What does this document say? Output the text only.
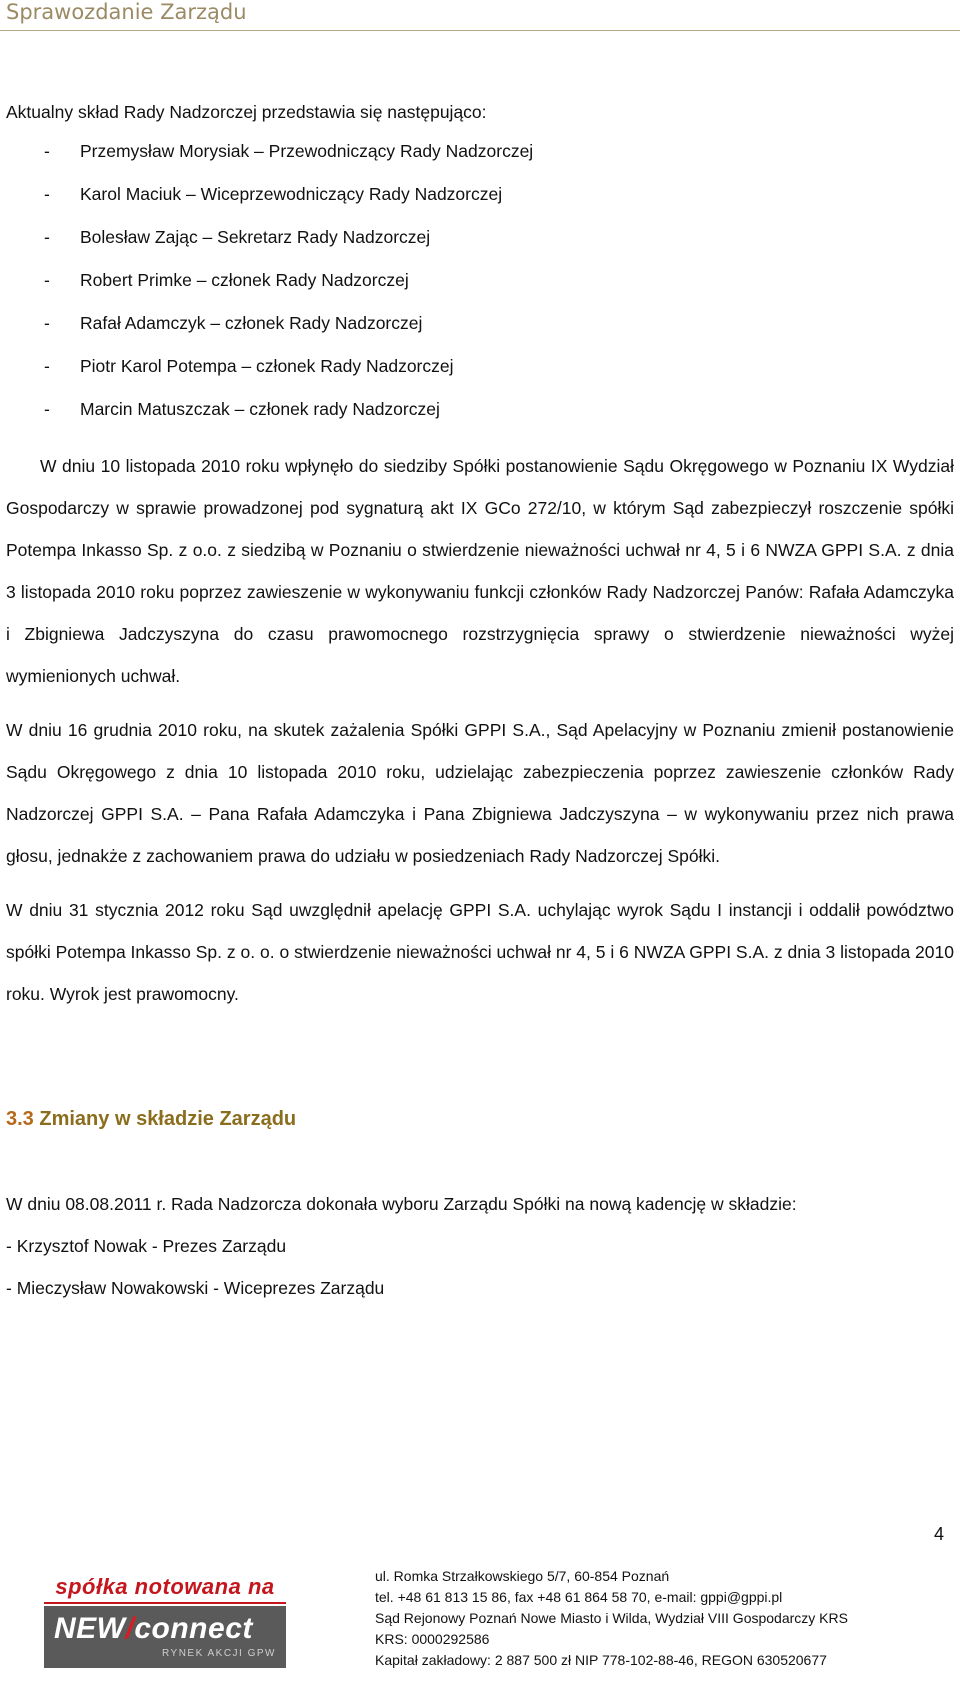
Sprawozdanie Zarządu

Aktualny skład Rady Nadzorczej przedstawia się następująco:

- Przemysław Morysiak – Przewodniczący Rady Nadzorczej
- Karol Maciuk – Wiceprzewodniczący Rady Nadzorczej
- Bolesław Zając – Sekretarz Rady Nadzorczej
- Robert Primke – członek Rady Nadzorczej
- Rafał Adamczyk – członek Rady Nadzorczej
- Piotr Karol Potempa – członek Rady Nadzorczej
- Marcin Matuszczak – członek rady Nadzorczej

W dniu 10 listopada 2010 roku wpłynęło do siedziby Spółki postanowienie Sądu Okręgowego w Poznaniu IX Wydział Gospodarczy w sprawie prowadzonej pod sygnaturą akt IX GCo 272/10, w którym Sąd zabezpieczył roszczenie spółki Potempa Inkasso Sp. z o.o. z siedzibą w Poznaniu o stwierdzenie nieważności uchwał nr 4, 5 i 6 NWZA GPPI S.A. z dnia 3 listopada 2010 roku poprzez zawieszenie w wykonywaniu funkcji członków Rady Nadzorczej Panów: Rafała Adamczyka i Zbigniewa Jadczyszyna do czasu prawomocnego rozstrzygnięcia sprawy o stwierdzenie nieważności wyżej wymienionych uchwał.

W dniu 16 grudnia 2010 roku, na skutek zażalenia Spółki GPPI S.A., Sąd Apelacyjny w Poznaniu zmienił postanowienie Sądu Okręgowego z dnia 10 listopada 2010 roku, udzielając zabezpieczenia poprzez zawieszenie członków Rady Nadzorczej GPPI S.A. – Pana Rafała Adamczyka i Pana Zbigniewa Jadczyszyna – w wykonywaniu przez nich prawa głosu, jednakże z zachowaniem prawa do udziału w posiedzeniach Rady Nadzorczej Spółki.

W dniu 31 stycznia 2012 roku Sąd uwzględnił apelację GPPI S.A. uchylając wyrok Sądu I instancji i oddalił powództwo spółki Potempa Inkasso Sp. z o. o. o stwierdzenie nieważności uchwał nr 4, 5 i 6 NWZA GPPI S.A. z dnia 3 listopada 2010 roku. Wyrok jest prawomocny.

3.3 Zmiany w składzie Zarządu

W dniu 08.08.2011 r. Rada Nadzorcza dokonała wyboru Zarządu Spółki na nową kadencję w składzie:

- Krzysztof Nowak - Prezes Zarządu
- Mieczysław Nowakowski - Wiceprezes Zarządu
4
spółka notowana na
NEW/connect
RYNEK AKCJI GPW
ul. Romka Strzałkowskiego 5/7, 60-854 Poznań
tel. +48 61 813 15 86, fax +48 61 864 58 70, e-mail: gppi@gppi.pl
Sąd Rejonowy Poznań Nowe Miasto i Wilda, Wydział VIII Gospodarczy KRS
KRS: 0000292586
Kapitał zakładowy: 2 887 500 zł NIP 778-102-88-46, REGON 630520677
